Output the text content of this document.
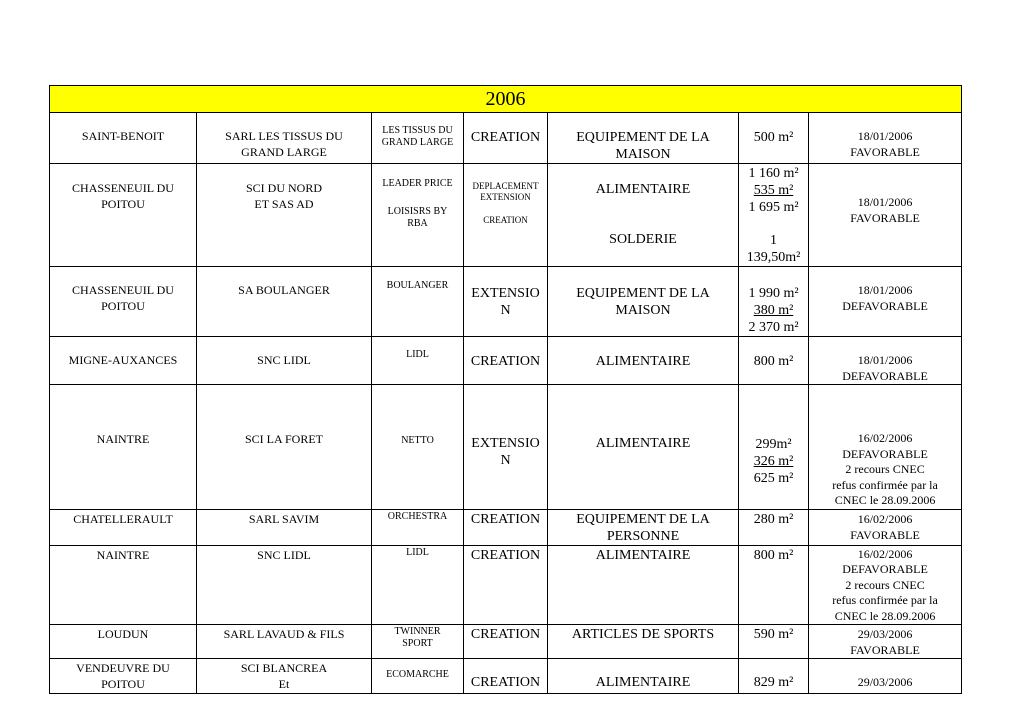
2006						

SAINT-BENOIT	SARL LES TISSUS DU
GRAND LARGE	LES TISSUS DU
GRAND LARGE	CREATION	EQUIPEMENT DE LA
MAISON	500 m²	18/01/2006
FAVORABLE

CHASSENEUIL DU
POITOU	SCI DU NORD
ET SAS AD	LEADER PRICE
LOISISRS BY
RBA	DEPLACEMENT
EXTENSION
CREATION	ALIMENTAIRE
SOLDERIE	1 160 m²
535 m²
1 695 m²
1
139,50m²	18/01/2006
FAVORABLE

CHASSENEUIL DU
POITOU	SA BOULANGER	BOULANGER	EXTENSIO
N	EQUIPEMENT DE LA
MAISON	1 990 m²
380 m²
2 370 m²	18/01/2006
DEFAVORABLE

MIGNE-AUXANCES	SNC LIDL	LIDL	CREATION	ALIMENTAIRE	800 m²	18/01/2006
DEFAVORABLE

NAINTRE	SCI LA FORET	NETTO	EXTENSIO
N	ALIMENTAIRE	299m²
326 m²
625 m²	16/02/2006
DEFAVORABLE
2 recours CNEC
refus confirmée par la
CNEC le 28.09.2006

CHATELLERAULT	SARL SAVIM	ORCHESTRA	CREATION	EQUIPEMENT DE LA
PERSONNE	280 m²	16/02/2006
FAVORABLE

NAINTRE	SNC LIDL	LIDL	CREATION	ALIMENTAIRE	800 m²	16/02/2006
DEFAVORABLE
2 recours CNEC
refus confirmée par la
CNEC le 28.09.2006

LOUDUN	SARL LAVAUD & FILS	TWINNER
SPORT	CREATION	ARTICLES DE SPORTS	590 m²	29/03/2006
FAVORABLE

VENDEUVRE DU
POITOU	SCI BLANCREA
Et	ECOMARCHE	CREATION	ALIMENTAIRE	829 m²	29/03/2006
